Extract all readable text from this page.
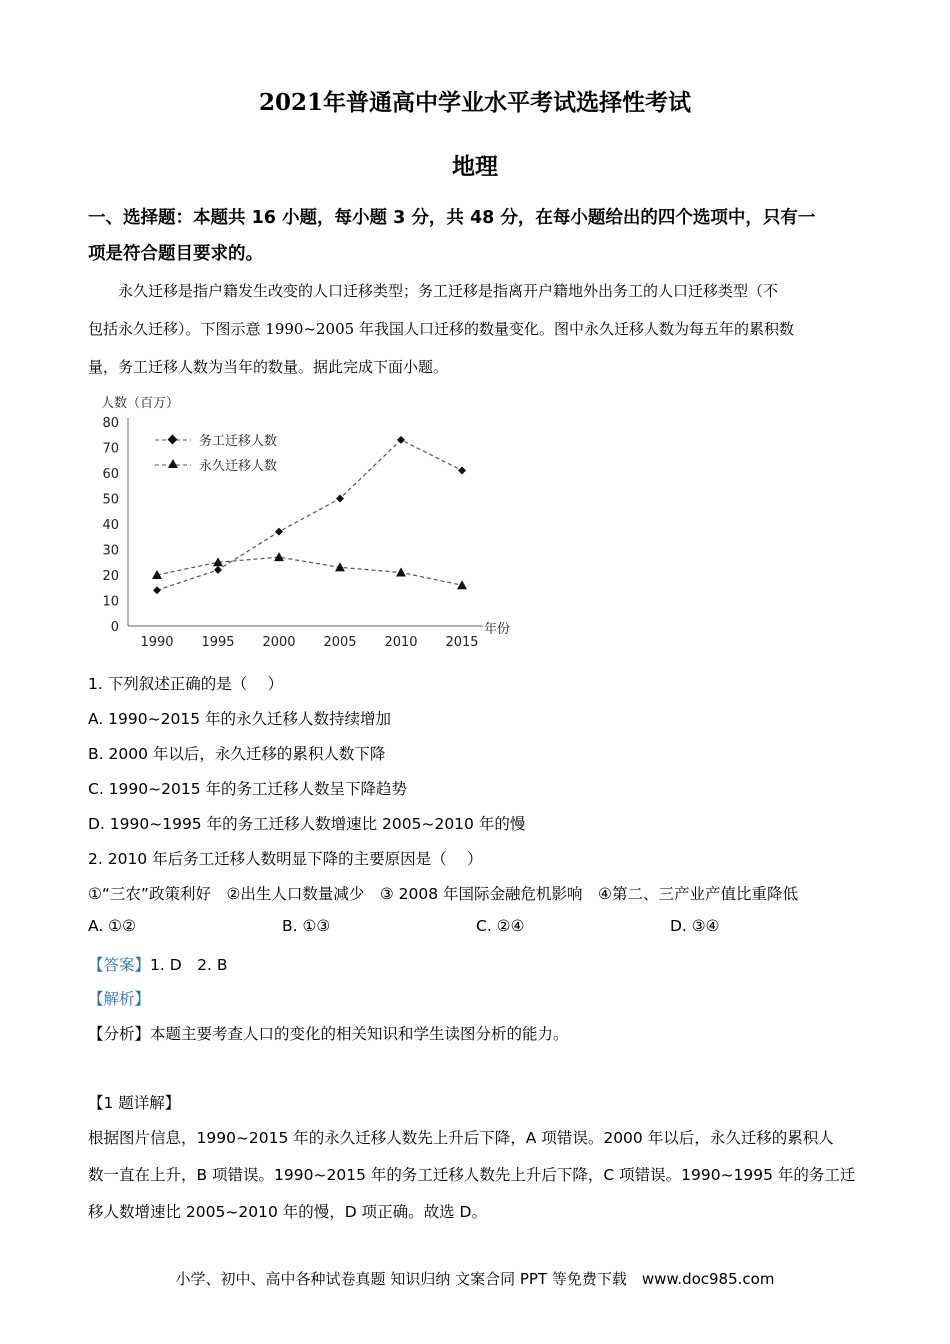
2021年普通高中学业水平考试选择性考试
地理
一、选择题：本题共 16 小题，每小题 3 分，共 48 分，在每小题给出的四个选项中，只有一
项是符合题目要求的。
　　永久迁移是指户籍发生改变的人口迁移类型；务工迁移是指离开户籍地外出务工的人口迁移类型（不
包括永久迁移）。下图示意 1990~2005 年我国人口迁移的数量变化。图中永久迁移人数为每五年的累积数
量，务工迁移人数为当年的数量。据此完成下面小题。
人数（百万）
0
10
20
30
40
50
60
70
80
1990 1995 2000 2005 2010 2015
年份
务工迁移人数
永久迁移人数
1. 下列叙述正确的是（　 ）
A. 1990~2015 年的永久迁移人数持续增加
B. 2000 年以后，永久迁移的累积人数下降
C. 1990~2015 年的务工迁移人数呈下降趋势
D. 1990~1995 年的务工迁移人数增速比 2005~2010 年的慢
2. 2010 年后务工迁移人数明显下降的主要原因是（　 ）
①“三农”政策利好　②出生人口数量减少　③ 2008 年国际金融危机影响　④第二、三产业产值比重降低
A. ①②	B. ①③	C. ②④	D. ③④
【答案】1. D　2. B
【解析】
【分析】本题主要考查人口的变化的相关知识和学生读图分析的能力。
【1 题详解】
根据图片信息，1990~2015 年的永久迁移人数先上升后下降，A 项错误。2000 年以后，永久迁移的累积人
数一直在上升，B 项错误。1990~2015 年的务工迁移人数先上升后下降，C 项错误。1990~1995 年的务工迁
移人数增速比 2005~2010 年的慢，D 项正确。故选 D。
小学、初中、高中各种试卷真题 知识归纳 文案合同 PPT 等免费下载　www.doc985.com
